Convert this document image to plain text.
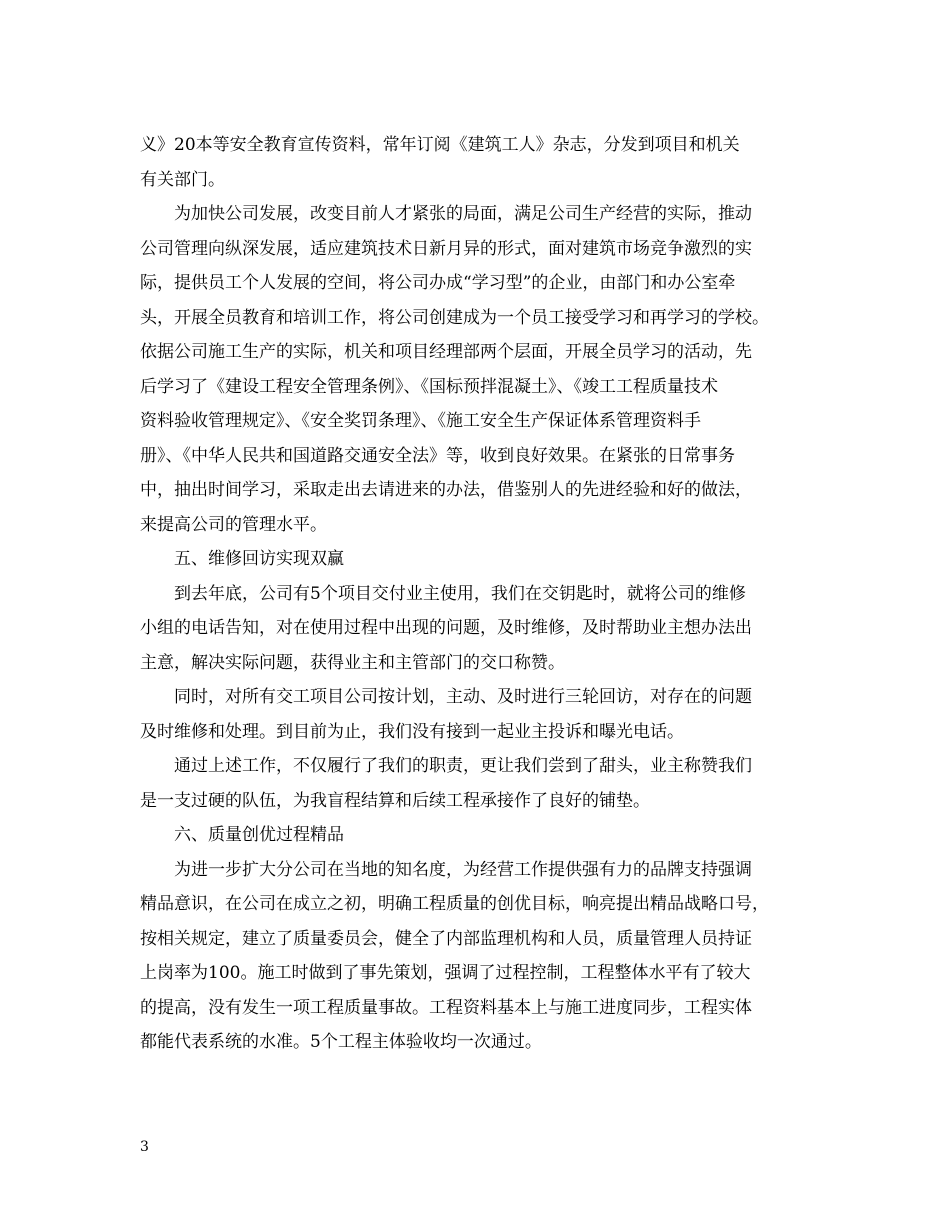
义》20本等安全教育宣传资料，常年订阅《建筑工人》杂志，分发到项目和机关
有关部门。
为加快公司发展，改变目前人才紧张的局面，满足公司生产经营的实际，推动
公司管理向纵深发展，适应建筑技术日新月异的形式，面对建筑市场竞争激烈的实
际，提供员工个人发展的空间，将公司办成“学习型”的企业，由部门和办公室牵
头，开展全员教育和培训工作，将公司创建成为一个员工接受学习和再学习的学校。
依据公司施工生产的实际，机关和项目经理部两个层面，开展全员学习的活动，先
后学习了《建设工程安全管理条例》、《国标预拌混凝土》、《竣工工程质量技术
资料验收管理规定》、《安全奖罚条理》、《施工安全生产保证体系管理资料手
册》、《中华人民共和国道路交通安全法》等，收到良好效果。在紧张的日常事务
中，抽出时间学习，采取走出去请进来的办法，借鉴别人的先进经验和好的做法，
来提高公司的管理水平。
五、维修回访实现双赢
到去年底，公司有5个项目交付业主使用，我们在交钥匙时，就将公司的维修
小组的电话告知，对在使用过程中出现的问题，及时维修，及时帮助业主想办法出
主意，解决实际问题，获得业主和主管部门的交口称赞。
同时，对所有交工项目公司按计划，主动、及时进行三轮回访，对存在的问题
及时维修和处理。到目前为止，我们没有接到一起业主投诉和曝光电话。
通过上述工作，不仅履行了我们的职责，更让我们尝到了甜头，业主称赞我们
是一支过硬的队伍，为我盲程结算和后续工程承接作了良好的铺垫。
六、质量创优过程精品
为进一步扩大分公司在当地的知名度，为经营工作提供强有力的品牌支持强调
精品意识，在公司在成立之初，明确工程质量的创优目标，响亮提出精品战略口号，
按相关规定，建立了质量委员会，健全了内部监理机构和人员，质量管理人员持证
上岗率为100。施工时做到了事先策划，强调了过程控制，工程整体水平有了较大
的提高，没有发生一项工程质量事故。工程资料基本上与施工进度同步，工程实体
都能代表系统的水准。5个工程主体验收均一次通过。
3
